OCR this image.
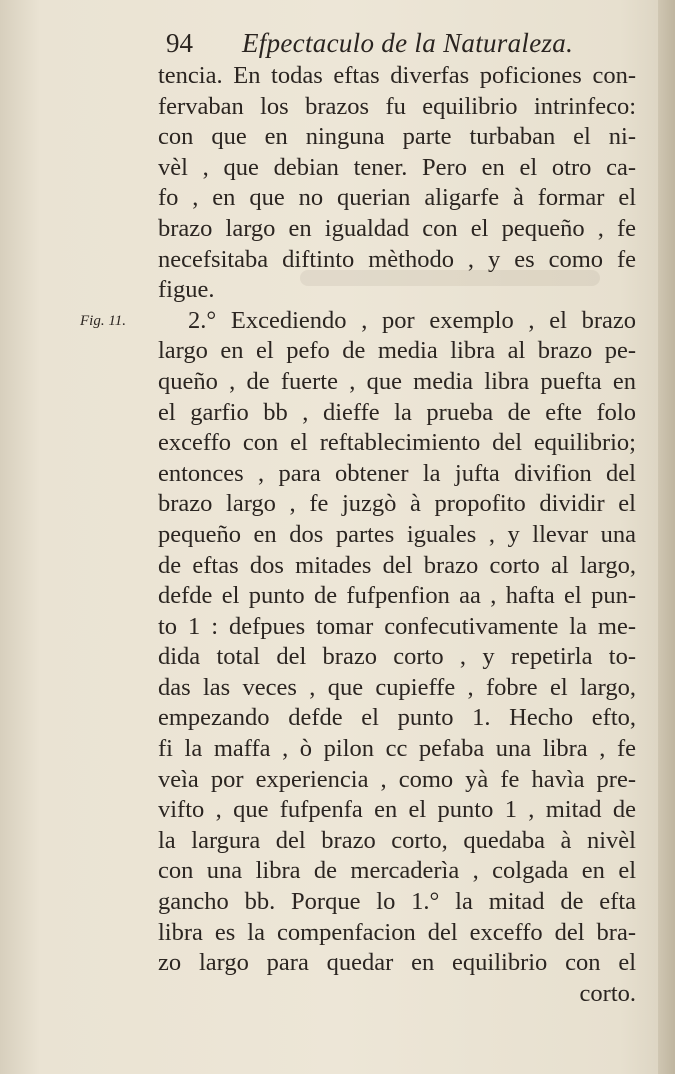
94 Efpectaculo de la Naturaleza.
Fig. 11.
tencia. En todas eftas diverfas poficiones con-
fervaban los brazos fu equilibrio intrinfeco:
con que en ninguna parte turbaban el ni-
vèl , que debian tener. Pero en el otro ca-
fo , en que no querian aligarfe à formar el
brazo largo en igualdad con el pequeño , fe
necefsitaba diftinto mèthodo , y es como fe
figue.
2.° Excediendo , por exemplo , el brazo
largo en el pefo de media libra al brazo pe-
queño , de fuerte , que media libra puefta en
el garfio bb , dieffe la prueba de efte folo
exceffo con el reftablecimiento del equilibrio;
entonces , para obtener la jufta divifion del
brazo largo , fe juzgò à propofito dividir el
pequeño en dos partes iguales , y llevar una
de eftas dos mitades del brazo corto al largo,
defde el punto de fufpenfion aa , hafta el pun-
to 1 : defpues tomar confecutivamente la me-
dida total del brazo corto , y repetirla to-
das las veces , que cupieffe , fobre el largo,
empezando defde el punto 1. Hecho efto,
fi la maffa , ò pilon cc pefaba una libra , fe
veìa por experiencia , como yà fe havìa pre-
vifto , que fufpenfa en el punto 1 , mitad de
la largura del brazo corto, quedaba à nivèl
con una libra de mercaderìa , colgada en el
gancho bb. Porque lo 1.° la mitad de efta
libra es la compenfacion del exceffo del bra-
zo largo para quedar en equilibrio con el
corto.
